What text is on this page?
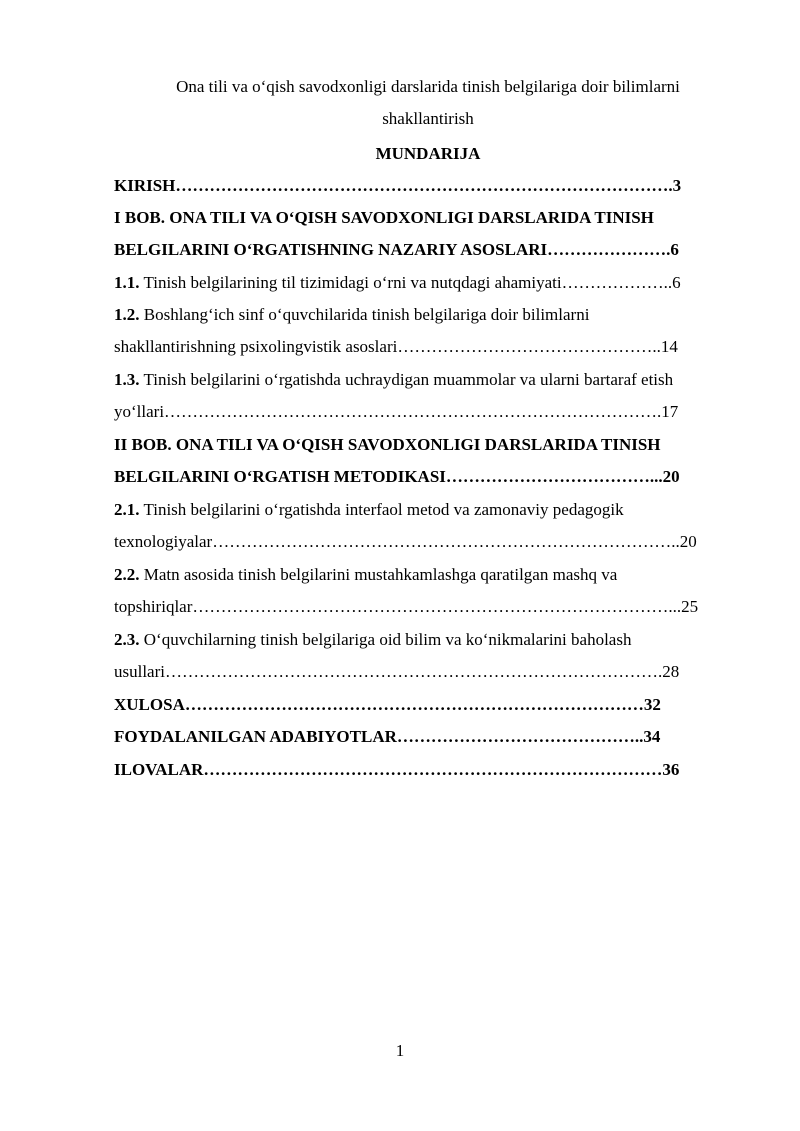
Ona tili va o‘qish savodxonligi darslarida tinish belgilariga doir bilimlarni
shakllantirish
MUNDARIJA
KIRISH…………………………………………………………………………….3
I BOB. ONA TILI VA O‘QISH SAVODXONLIGI DARSLARIDA TINISH
BELGILARINI O‘RGATISHNING NAZARIY ASOSLARI………………….6
1.1. Tinish belgilarining til tizimidagi o‘rni va nutqdagi ahamiyati………………..6
1.2. Boshlang‘ich sinf o‘quvchilarida tinish belgilariga doir bilimlarni
shakllantirishning psixolingvistik asoslari………………………………………..14
1.3. Tinish belgilarini o‘rgatishda uchraydigan muammolar va ularni bartaraf etish
yo‘llari…………………………………………………………………………….17
II BOB. ONA TILI VA O‘QISH SAVODXONLIGI DARSLARIDA TINISH
BELGILARINI O‘RGATISH METODIKASI………………………………...20
2.1. Tinish belgilarini o‘rgatishda interfaol metod va zamonaviy pedagogik
texnologiyalar………………………………………………………………………..20
2.2. Matn asosida tinish belgilarini mustahkamlashga qaratilgan mashq va
topshiriqlar…………………………………………………………………………...25
2.3. O‘quvchilarning tinish belgilariga oid bilim va ko‘nikmalarini baholash
usullari…………………………………………………………………………….28
XULOSA………………………………………………………………………32
FOYDALANILGAN ADABIYOTLAR……………………………………..34
ILOVALAR………………………………………………………………………36
1
